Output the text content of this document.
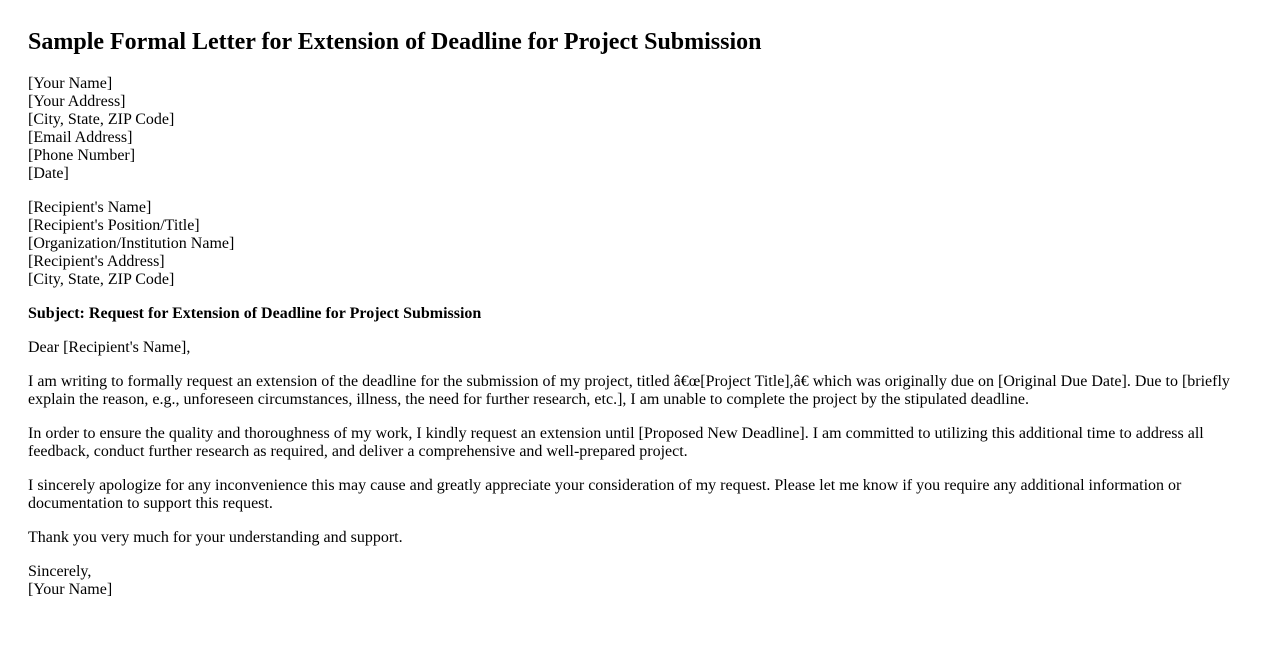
Sample Formal Letter for Extension of Deadline for Project Submission
[Your Name]
[Your Address]
[City, State, ZIP Code]
[Email Address]
[Phone Number]
[Date]
[Recipient's Name]
[Recipient's Position/Title]
[Organization/Institution Name]
[Recipient's Address]
[City, State, ZIP Code]
Subject: Request for Extension of Deadline for Project Submission

Dear [Recipient's Name],

I am writing to formally request an extension of the deadline for the submission of my project, titled â€œ[Project Title],â€ which was originally due on [Original Due Date]. Due to [briefly explain the reason, e.g., unforeseen circumstances, illness, the need for further research, etc.], I am unable to complete the project by the stipulated deadline.

In order to ensure the quality and thoroughness of my work, I kindly request an extension until [Proposed New Deadline]. I am committed to utilizing this additional time to address all feedback, conduct further research as required, and deliver a comprehensive and well-prepared project.

I sincerely apologize for any inconvenience this may cause and greatly appreciate your consideration of my request. Please let me know if you require any additional information or documentation to support this request.

Thank you very much for your understanding and support.

Sincerely,
[Your Name]
